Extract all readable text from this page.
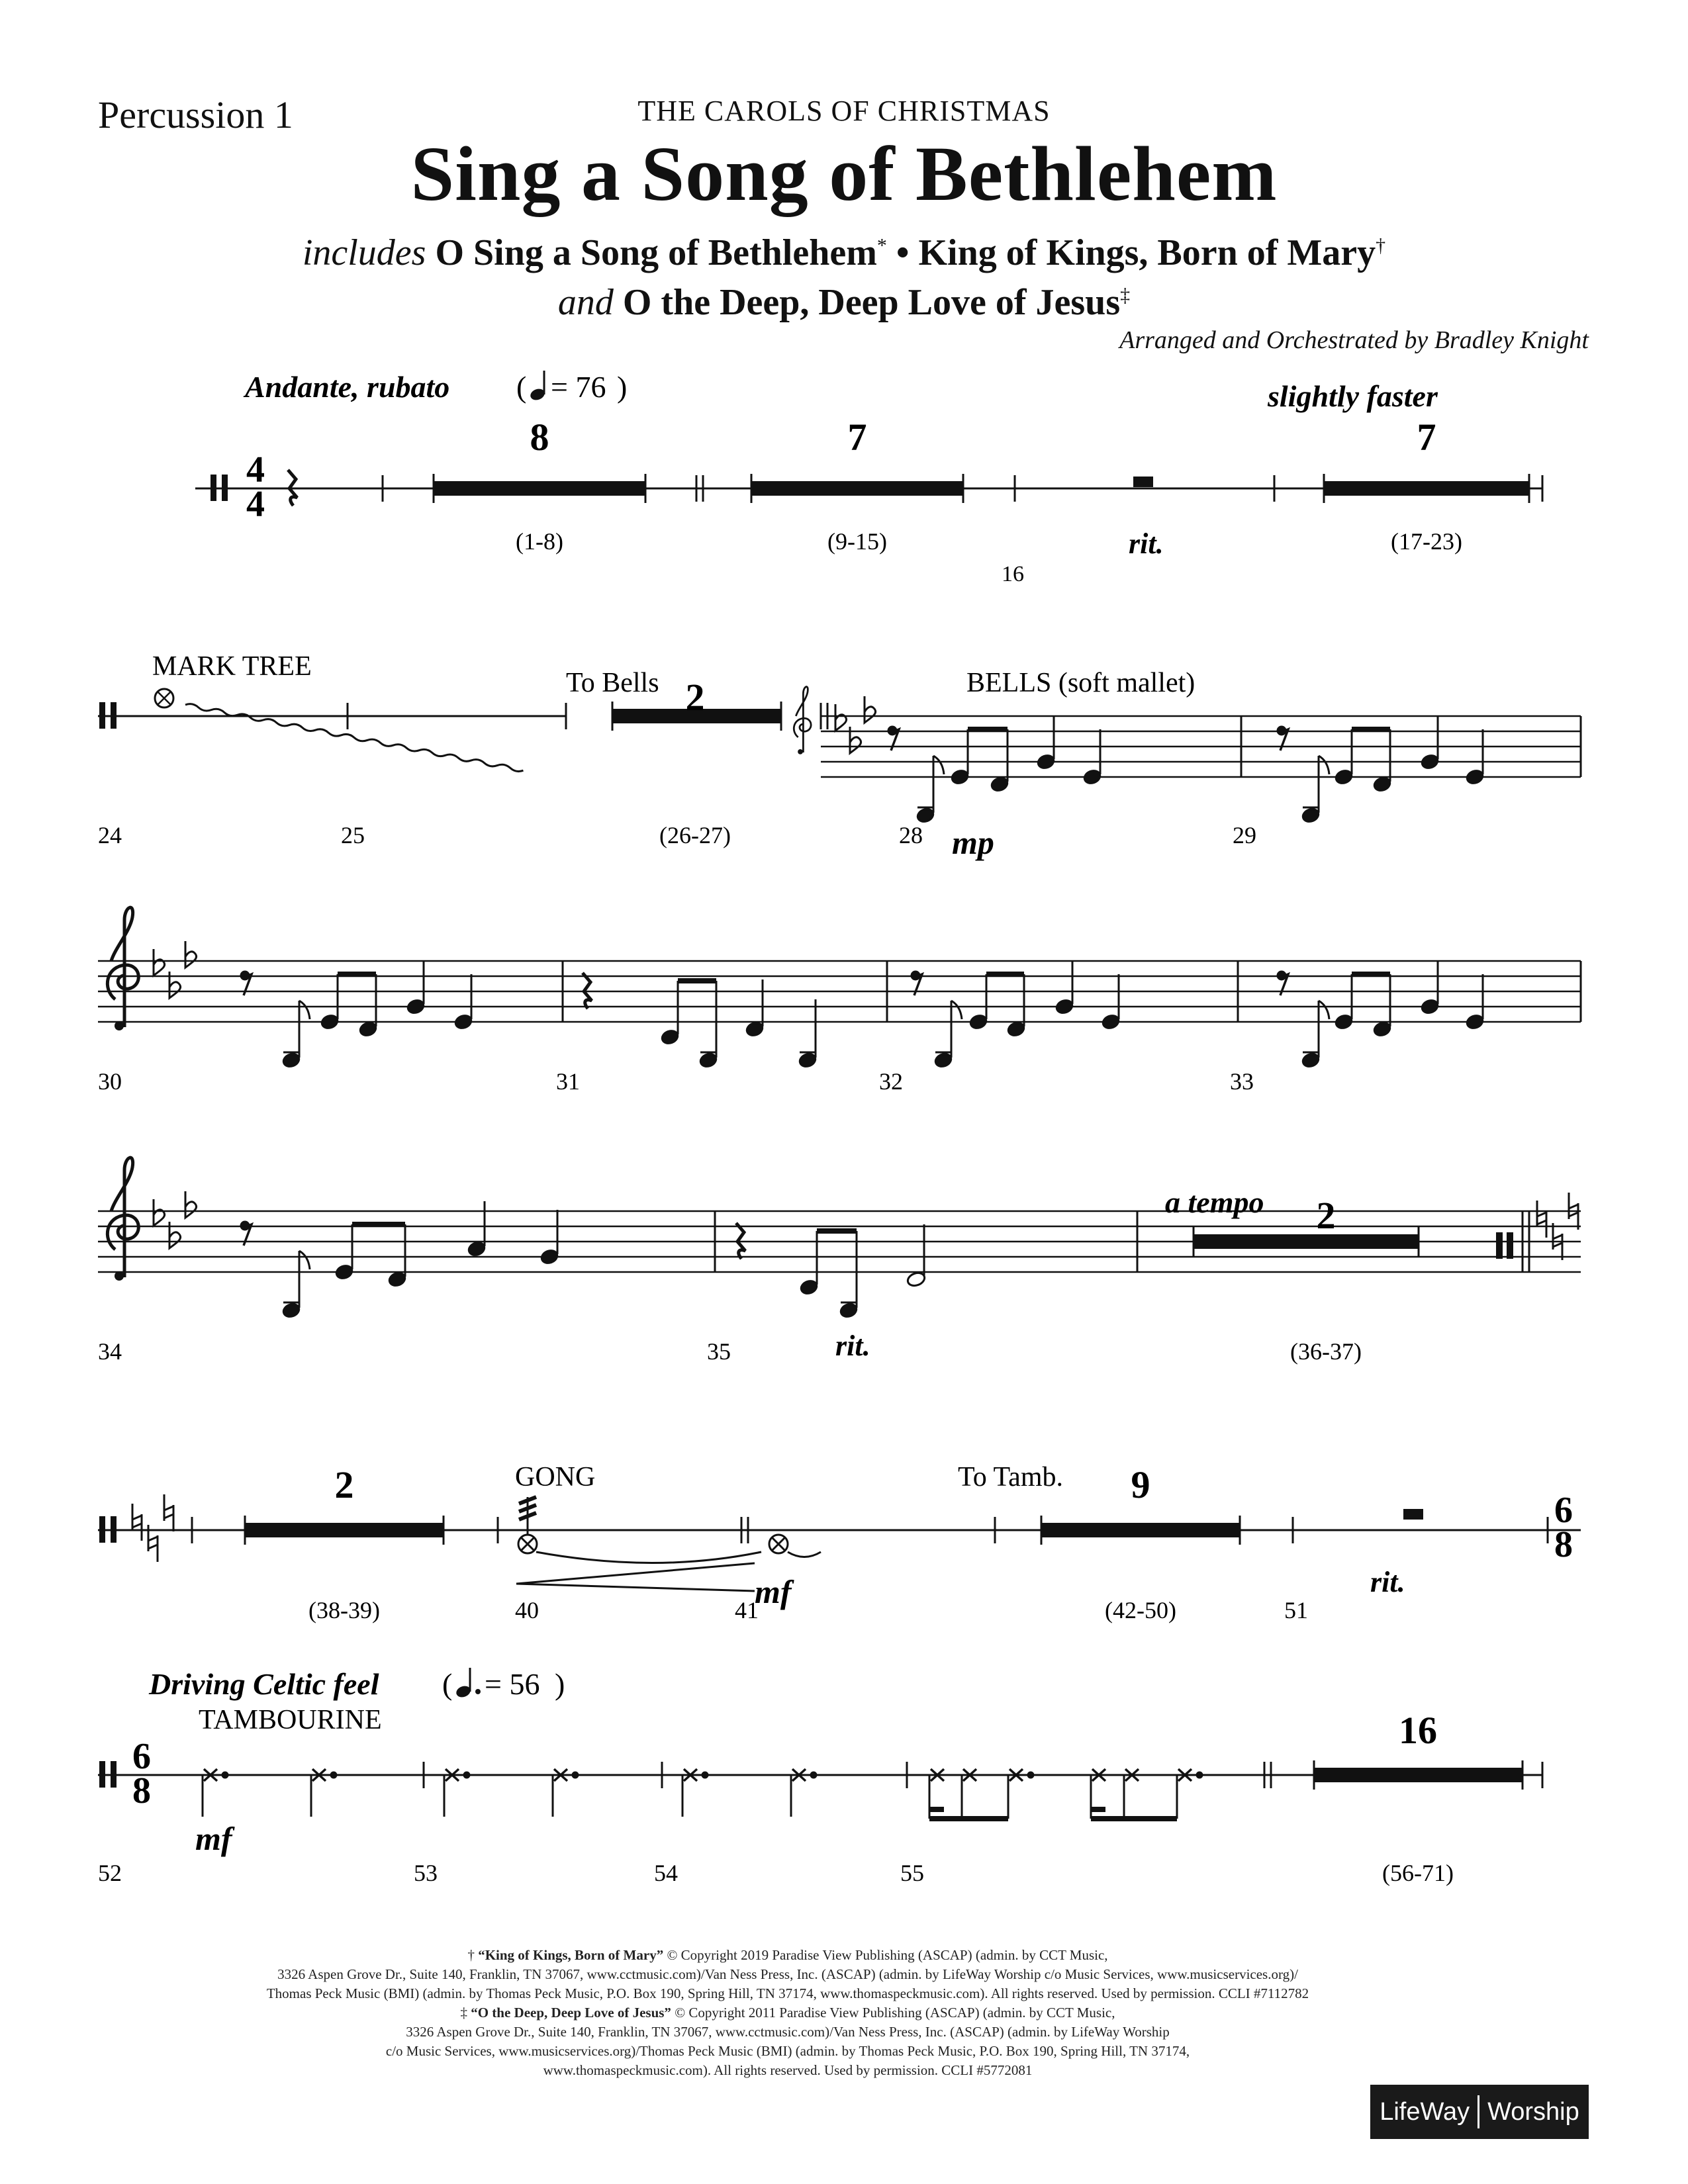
Percussion 1	THE CAROLS OF CHRISTMAS
Sing a Song of Bethlehem
includes O Sing a Song of Bethlehem* • King of Kings, Born of Mary†
and O the Deep, Deep Love of Jesus‡
Arranged and Orchestrated by Bradley Knight
Andante, rubato ( = 76 )	slightly faster
4
4
8
(1-8)
7
(9-15)	rit.
16
7
(17-23)
MARK TREE
24	25
To Bells 2
(26-27)
BELLS (soft mallet)
mp
28	29
30	31	32	33
34	35	rit.
a tempo 2
(36-37)
2
(38-39)
GONG
40	mf
41
To Tamb. 9
(42-50)
rit.
51
6
8
Driving Celtic feel ( = 56 )
TAMBOURINE
6
8
mf
52	53	54	55
16
(56-71)
† “King of Kings, Born of Mary” © Copyright 2019 Paradise View Publishing (ASCAP) (admin. by CCT Music,
3326 Aspen Grove Dr., Suite 140, Franklin, TN 37067, www.cctmusic.com)/Van Ness Press, Inc. (ASCAP) (admin. by LifeWay Worship c/o Music Services, www.musicservices.org)/
Thomas Peck Music (BMI) (admin. by Thomas Peck Music, P.O. Box 190, Spring Hill, TN 37174, www.thomaspeckmusic.com). All rights reserved. Used by permission. CCLI #7112782
‡ “O the Deep, Deep Love of Jesus” © Copyright 2011 Paradise View Publishing (ASCAP) (admin. by CCT Music,
3326 Aspen Grove Dr., Suite 140, Franklin, TN 37067, www.cctmusic.com)/Van Ness Press, Inc. (ASCAP) (admin. by LifeWay Worship
c/o Music Services, www.musicservices.org)/Thomas Peck Music (BMI) (admin. by Thomas Peck Music, P.O. Box 190, Spring Hill, TN 37174,
www.thomaspeckmusic.com). All rights reserved. Used by permission. CCLI #5772081
LifeWay Worship
